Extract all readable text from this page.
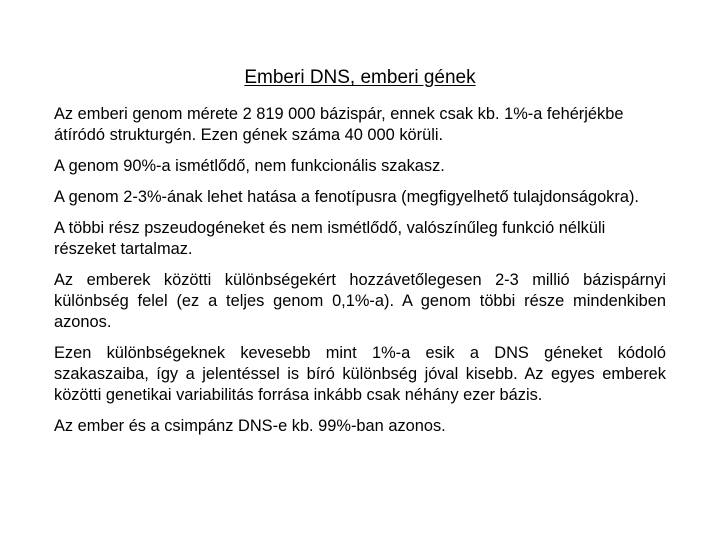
Emberi DNS, emberi gének

Az emberi genom mérete 2 819 000 bázispár, ennek csak kb. 1%-a fehérjékbe átíródó strukturgén. Ezen gének száma 40 000 körüli.

A genom 90%-a ismétlődő, nem funkcionális szakasz.

A genom 2-3%-ának lehet hatása a fenotípusra (megfigyelhető tulajdonságokra).

A többi rész pszeudogéneket és nem ismétlődő, valószínűleg funkció nélküli részeket tartalmaz.

Az emberek közötti különbségekért hozzávetőlegesen 2-3 millió bázispárnyi különbség felel (ez a teljes genom 0,1%-a). A genom többi része mindenkiben azonos.

Ezen különbségeknek kevesebb mint 1%-a esik a DNS géneket kódoló szakaszaiba, így a jelentéssel is bíró különbség jóval kisebb. Az egyes emberek közötti genetikai variabilitás forrása inkább csak néhány ezer bázis.

Az ember és a csimpánz DNS-e kb. 99%-ban azonos.
